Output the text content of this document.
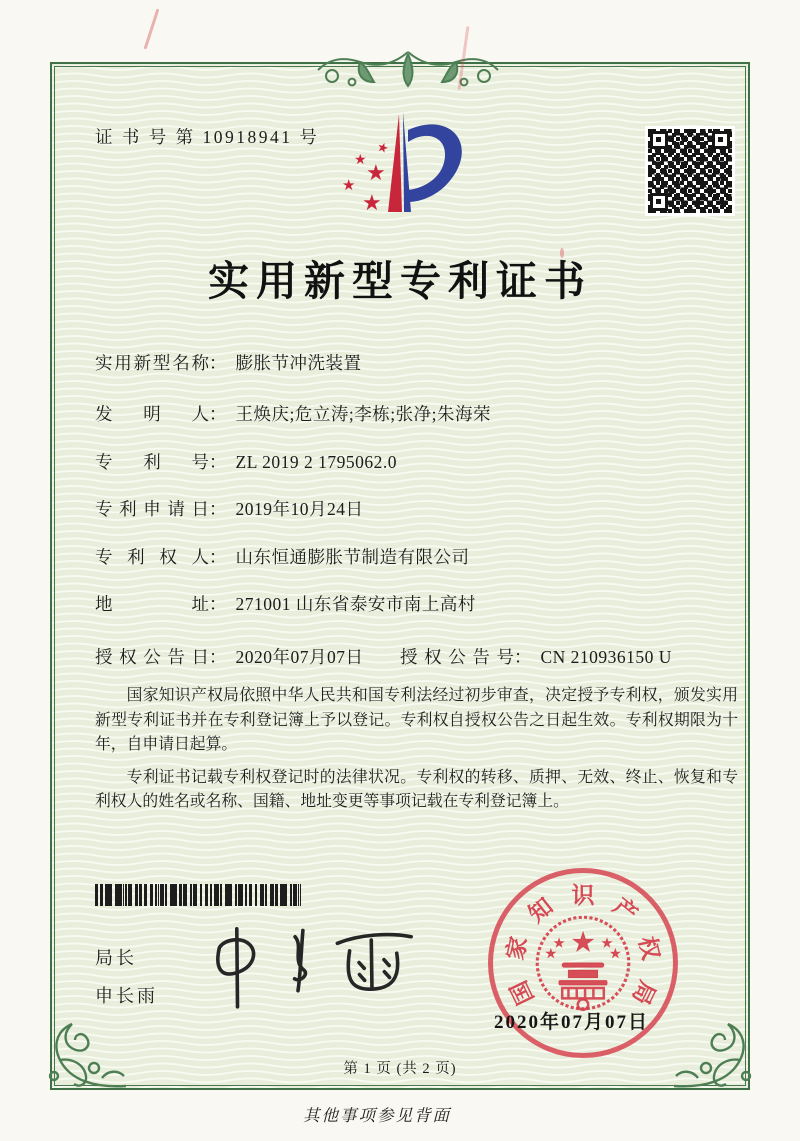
证 书 号 第 10918941 号
★
★ ★
★
★
实用新型专利证书
实用新型名称： 膨胀节冲洗装置
发明人： 王焕庆;危立涛;李栋;张净;朱海荣
专利号： ZL 2019 2 1795062.0
专利申请日： 2019年10月24日
专利权人： 山东恒通膨胀节制造有限公司
地址： 271001 山东省泰安市南上高村
授权公告日： 2020年07月07日 授权公告号： CN 210936150 U

国家知识产权局依照中华人民共和国专利法经过初步审查，决定授予专利权，颁发实用新型专利证书并在专利登记簿上予以登记。专利权自授权公告之日起生效。专利权期限为十年，自申请日起算。

专利证书记载专利权登记时的法律状况。专利权的转移、质押、无效、终止、恢复和专利权人的姓名或名称、国籍、地址变更等事项记载在专利登记簿上。

局长
申长雨	国
家
知 识 产
权
局
★
★	★
★	★
2020年07月07日
第 1 页 (共 2 页)
其他事项参见背面
